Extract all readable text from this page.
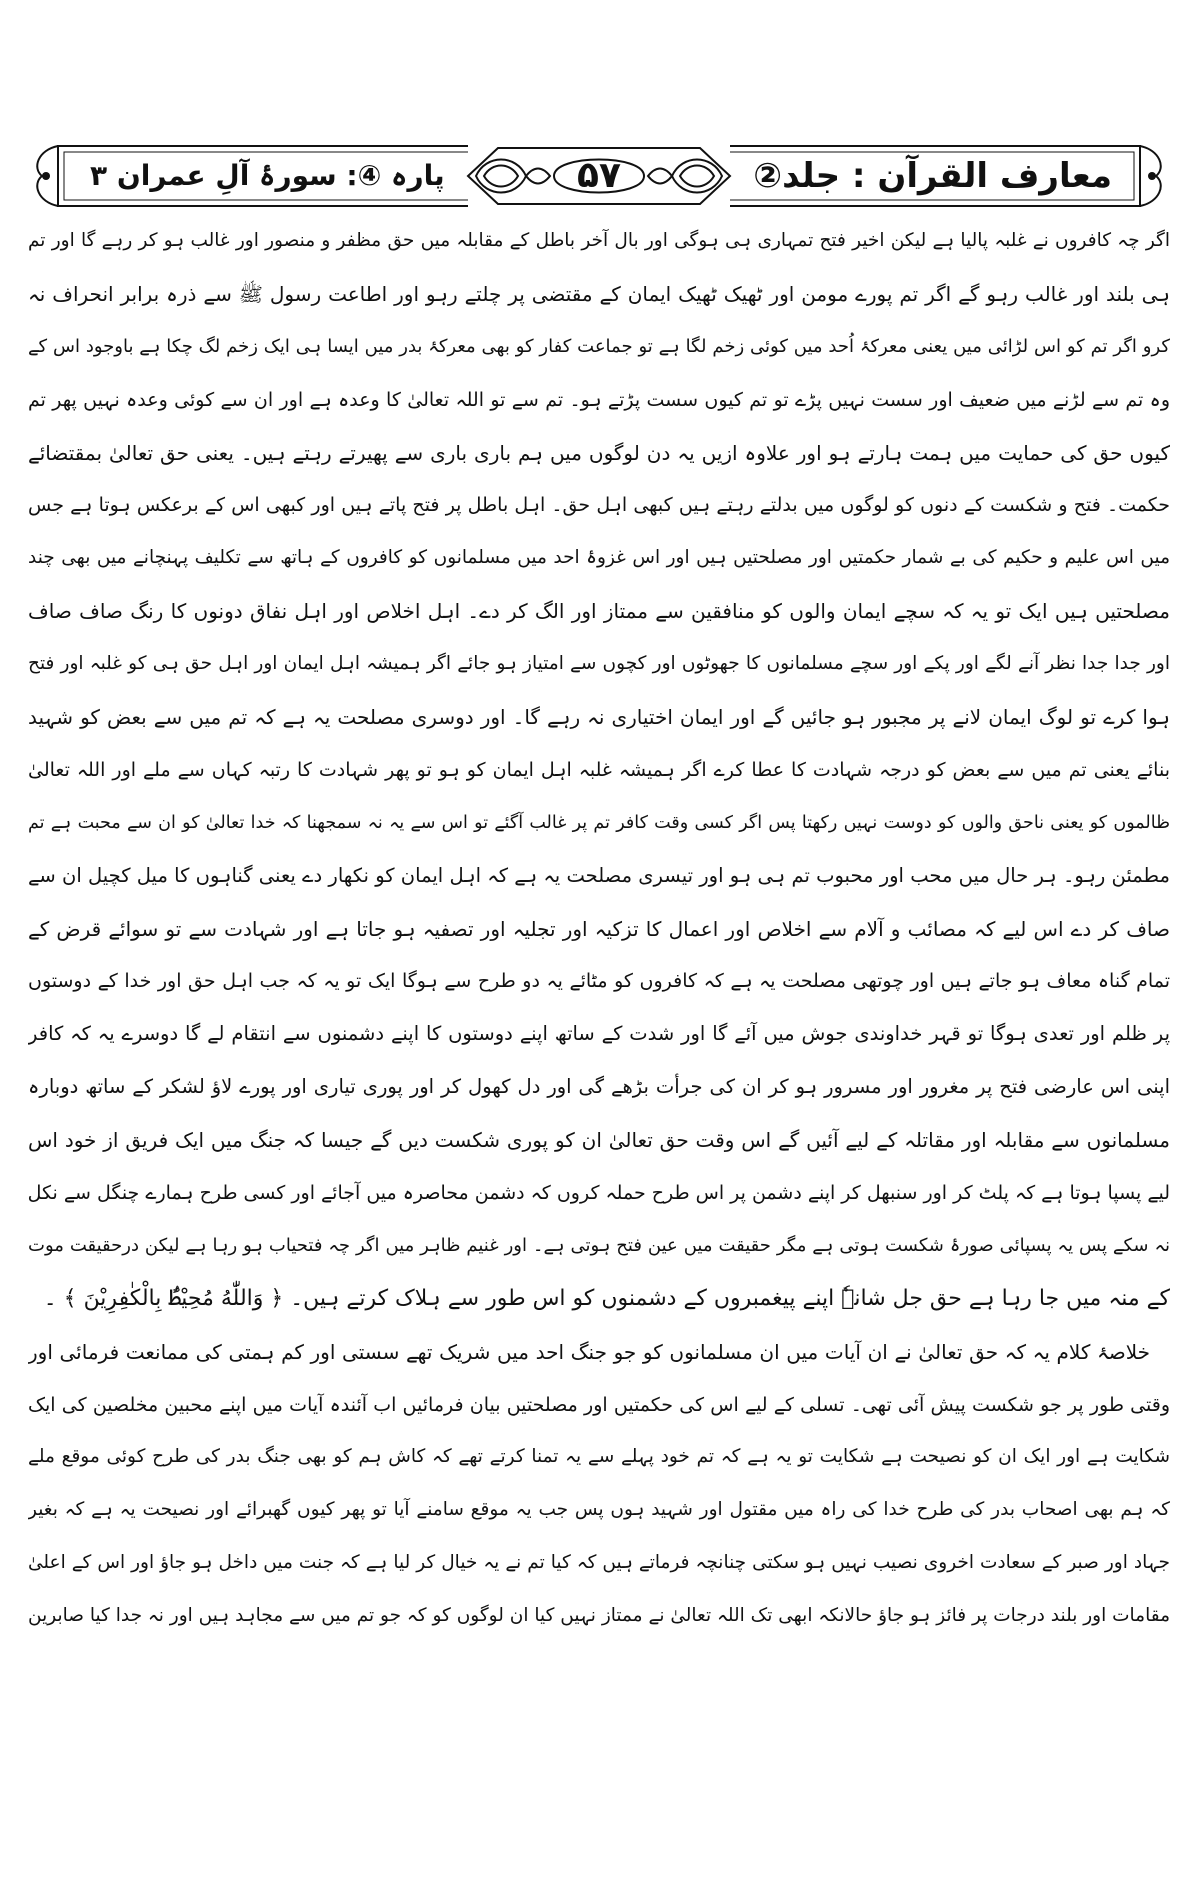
معارف القرآن : جلد②
۵۷
پارہ ④: سورۂ آلِ عمران ۳
اگر چہ کافروں نے غلبہ پالیا ہے لیکن اخیر فتح تمہاری ہی ہوگی اور بال آخر باطل کے مقابلہ میں حق مظفر و منصور اور غالب ہو کر رہے گا اور تم
ہی بلند اور غالب رہو گے اگر تم پورے مومن اور ٹھیک ٹھیک ایمان کے مقتضی پر چلتے رہو اور اطاعت رسول ﷺ سے ذرہ برابر انحراف نہ
کرو اگر تم کو اس لڑائی میں یعنی معرکۂ اُحد میں کوئی زخم لگا ہے تو جماعت کفار کو بھی معرکۂ بدر میں ایسا ہی ایک زخم لگ چکا ہے باوجود اس کے
وہ تم سے لڑنے میں ضعیف اور سست نہیں پڑے تو تم کیوں سست پڑتے ہو۔ تم سے تو اللہ تعالیٰ کا وعدہ ہے اور ان سے کوئی وعدہ نہیں پھر تم
کیوں حق کی حمایت میں ہمت ہارتے ہو اور علاوہ ازیں یہ دن لوگوں میں ہم باری باری سے پھیرتے رہتے ہیں۔ یعنی حق تعالیٰ بمقتضائے
حکمت۔ فتح و شکست کے دنوں کو لوگوں میں بدلتے رہتے ہیں کبھی اہل حق۔ اہل باطل پر فتح پاتے ہیں اور کبھی اس کے برعکس ہوتا ہے جس
میں اس علیم و حکیم کی بے شمار حکمتیں اور مصلحتیں ہیں اور اس غزوۂ احد میں مسلمانوں کو کافروں کے ہاتھ سے تکلیف پہنچانے میں بھی چند
مصلحتیں ہیں ایک تو یہ کہ سچے ایمان والوں کو منافقین سے ممتاز اور الگ کر دے۔ اہل اخلاص اور اہل نفاق دونوں کا رنگ صاف صاف
اور جدا جدا نظر آنے لگے اور پکے اور سچے مسلمانوں کا جھوٹوں اور کچوں سے امتیاز ہو جائے اگر ہمیشہ اہل ایمان اور اہل حق ہی کو غلبہ اور فتح
ہوا کرے تو لوگ ایمان لانے پر مجبور ہو جائیں گے اور ایمان اختیاری نہ رہے گا۔ اور دوسری مصلحت یہ ہے کہ تم میں سے بعض کو شہید
بنائے یعنی تم میں سے بعض کو درجہ شہادت کا عطا کرے اگر ہمیشہ غلبہ اہل ایمان کو ہو تو پھر شہادت کا رتبہ کہاں سے ملے اور اللہ تعالیٰ
ظالموں کو یعنی ناحق والوں کو دوست نہیں رکھتا پس اگر کسی وقت کافر تم پر غالب آگئے تو اس سے یہ نہ سمجھنا کہ خدا تعالیٰ کو ان سے محبت ہے تم
مطمئن رہو۔ ہر حال میں محب اور محبوب تم ہی ہو اور تیسری مصلحت یہ ہے کہ اہل ایمان کو نکھار دے یعنی گناہوں کا میل کچیل ان سے
صاف کر دے اس لیے کہ مصائب و آلام سے اخلاص اور اعمال کا تزکیہ اور تجلیہ اور تصفیہ ہو جاتا ہے اور شہادت سے تو سوائے قرض کے
تمام گناہ معاف ہو جاتے ہیں اور چوتھی مصلحت یہ ہے کہ کافروں کو مٹائے یہ دو طرح سے ہوگا ایک تو یہ کہ جب اہل حق اور خدا کے دوستوں
پر ظلم اور تعدی ہوگا تو قہر خداوندی جوش میں آئے گا اور شدت کے ساتھ اپنے دوستوں کا اپنے دشمنوں سے انتقام لے گا دوسرے یہ کہ کافر
اپنی اس عارضی فتح پر مغرور اور مسرور ہو کر ان کی جرأت بڑھے گی اور دل کھول کر اور پوری تیاری اور پورے لاؤ لشکر کے ساتھ دوبارہ
مسلمانوں سے مقابلہ اور مقاتلہ کے لیے آئیں گے اس وقت حق تعالیٰ ان کو پوری شکست دیں گے جیسا کہ جنگ میں ایک فریق از خود اس
لیے پسپا ہوتا ہے کہ پلٹ کر اور سنبھل کر اپنے دشمن پر اس طرح حملہ کروں کہ دشمن محاصرہ میں آجائے اور کسی طرح ہمارے چنگل سے نکل
نہ سکے پس یہ پسپائی صورۂ شکست ہوتی ہے مگر حقیقت میں عین فتح ہوتی ہے۔ اور غنیم ظاہر میں اگر چہ فتحیاب ہو رہا ہے لیکن درحقیقت موت
کے منہ میں جا رہا ہے حق جل شانہٗ اپنے پیغمبروں کے دشمنوں کو اس طور سے ہلاک کرتے ہیں۔ ﴿ وَاللّٰهُ مُحِيْطٌۢ بِالْكٰفِرِيْنَ ﴾ ۔
خلاصۂ کلام یہ کہ حق تعالیٰ نے ان آیات میں ان مسلمانوں کو جو جنگ احد میں شریک تھے سستی اور کم ہمتی کی ممانعت فرمائی اور
وقتی طور پر جو شکست پیش آئی تھی۔ تسلی کے لیے اس کی حکمتیں اور مصلحتیں بیان فرمائیں اب آئندہ آیات میں اپنے محبین مخلصین کی ایک
شکایت ہے اور ایک ان کو نصیحت ہے شکایت تو یہ ہے کہ تم خود پہلے سے یہ تمنا کرتے تھے کہ کاش ہم کو بھی جنگ بدر کی طرح کوئی موقع ملے
کہ ہم بھی اصحاب بدر کی طرح خدا کی راہ میں مقتول اور شہید ہوں پس جب یہ موقع سامنے آیا تو پھر کیوں گھبرائے اور نصیحت یہ ہے کہ بغیر
جہاد اور صبر کے سعادت اخروی نصیب نہیں ہو سکتی چنانچہ فرماتے ہیں کہ کیا تم نے یہ خیال کر لیا ہے کہ جنت میں داخل ہو جاؤ اور اس کے اعلیٰ
مقامات اور بلند درجات پر فائز ہو جاؤ حالانکہ ابھی تک اللہ تعالیٰ نے ممتاز نہیں کیا ان لوگوں کو کہ جو تم میں سے مجاہد ہیں اور نہ جدا کیا صابرین
